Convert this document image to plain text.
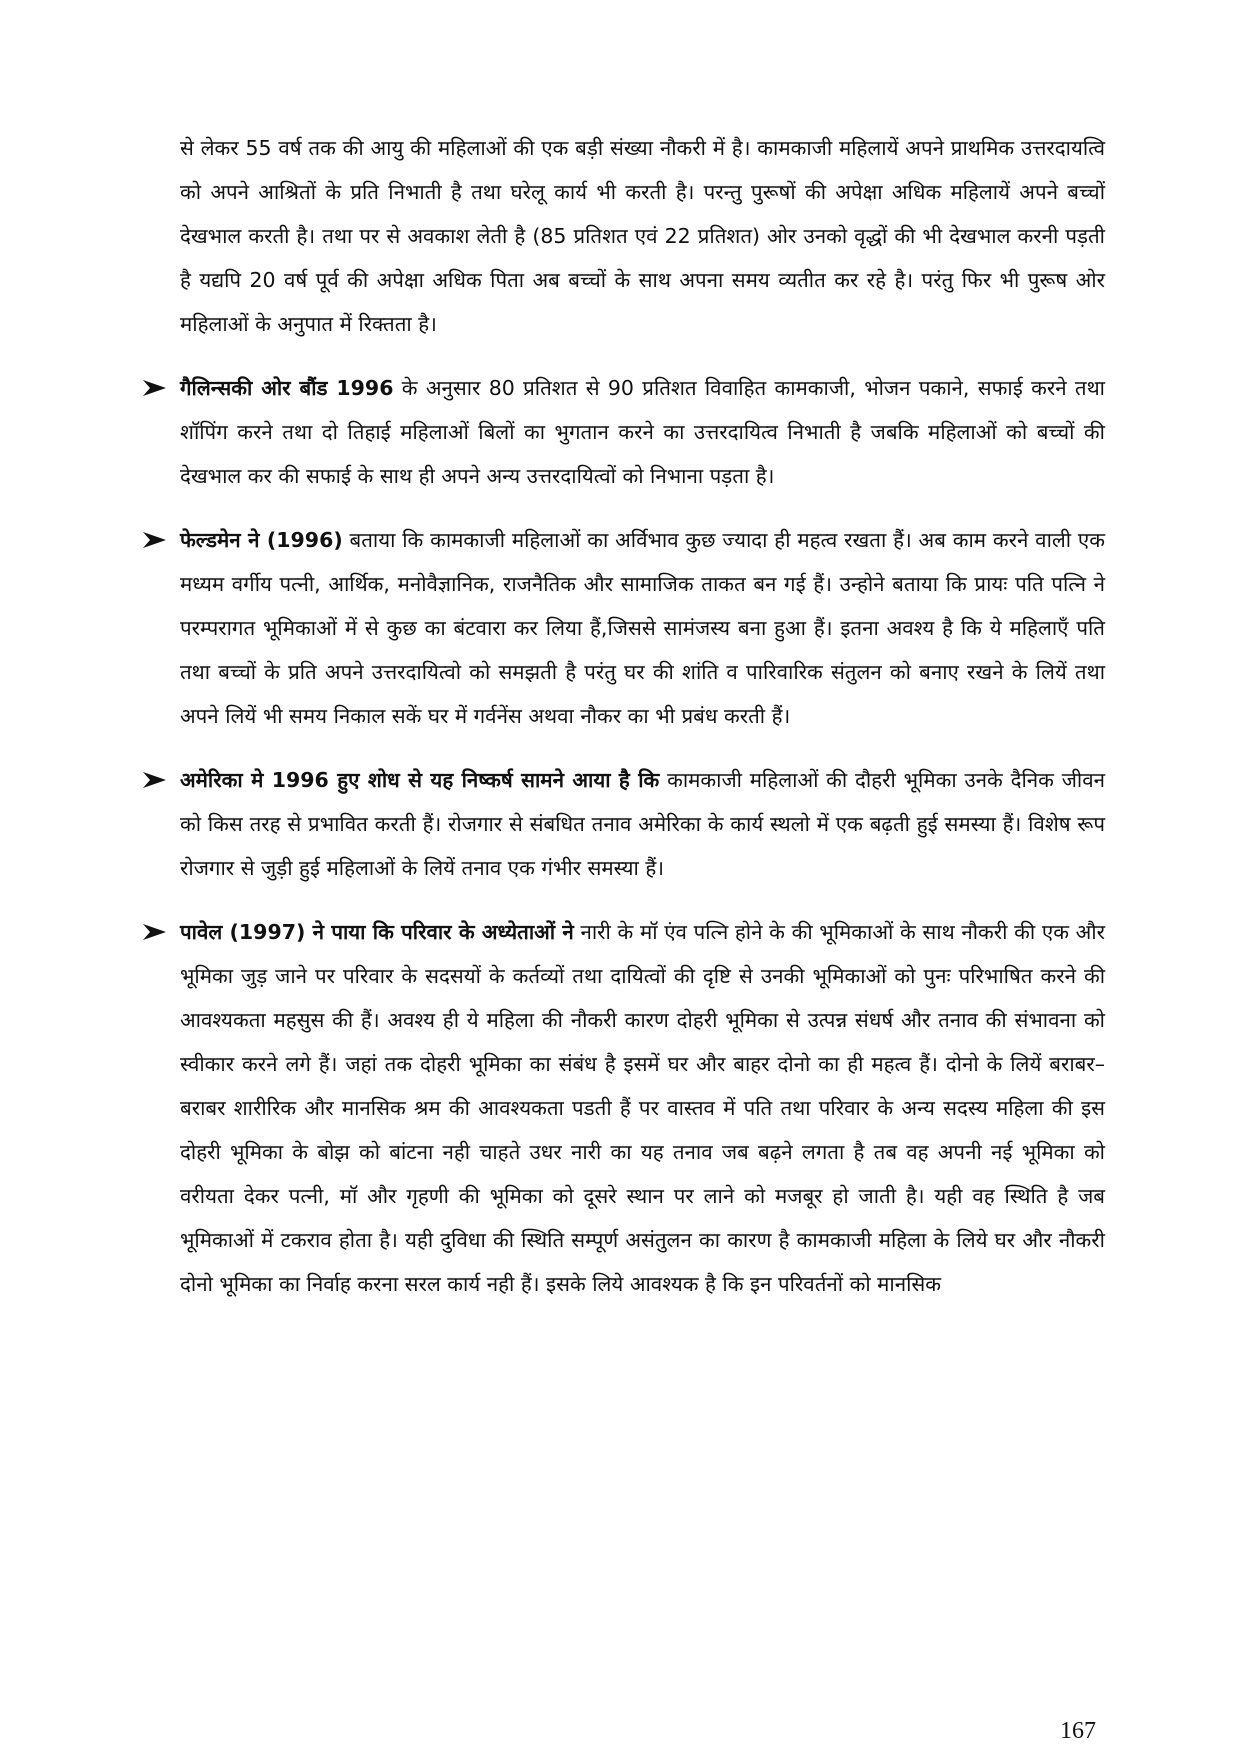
से लेकर 55 वर्ष तक की आयु की महिलाओं की एक बड़ी संख्या नौकरी में है। कामकाजी महिलायें अपने प्राथमिक उत्तरदायत्वि को अपने आश्रितों के प्रति निभाती है तथा घरेलू कार्य भी करती है। परन्तु पुरूषों की अपेक्षा अधिक महिलायें अपने बच्चों देखभाल करती है। तथा पर से अवकाश लेती है (85 प्रतिशत एवं 22 प्रतिशत) ओर उनको वृद्धों की भी देखभाल करनी पड़ती है यद्यपि 20 वर्ष पूर्व की अपेक्षा अधिक पिता अब बच्चों के साथ अपना समय व्यतीत कर रहे है। परंतु फिर भी पुरूष ओर महिलाओं के अनुपात में रिक्तता है।

गैलिन्सकी ओर बौंड 1996 के अनुसार 80 प्रतिशत से 90 प्रतिशत विवाहित कामकाजी, भोजन पकाने, सफाई करने तथा शॉपिंग करने तथा दो तिहाई महिलाओं बिलों का भुगतान करने का उत्तरदायित्व निभाती है जबकि महिलाओं को बच्चों की देखभाल कर की सफाई के साथ ही अपने अन्य उत्तरदायित्वों को निभाना पड़ता है।

फेल्डमेन ने (1996) बताया कि कामकाजी महिलाओं का अर्विभाव कुछ ज्यादा ही महत्व रखता हैं। अब काम करने वाली एक मध्यम वर्गीय पत्नी, आर्थिक, मनोवैज्ञानिक, राजनैतिक और सामाजिक ताकत बन गई हैं। उन्होने बताया कि प्रायः पति पत्नि ने परम्परागत भूमिकाओं में से कुछ का बंटवारा कर लिया हैं,जिससे सामंजस्य बना हुआ हैं। इतना अवश्य है कि ये महिलाएँ पति तथा बच्चों के प्रति अपने उत्तरदायित्वो को समझती है परंतु घर की शांति व पारिवारिक संतुलन को बनाए रखने के लियें तथा अपने लियें भी समय निकाल सकें घर में गर्वनेंस अथवा नौकर का भी प्रबंध करती हैं।

अमेरिका मे 1996 हुए शोध से यह निष्कर्ष सामने आया है कि कामकाजी महिलाओं की दौहरी भूमिका उनके दैनिक जीवन को किस तरह से प्रभावित करती हैं। रोजगार से संबधित तनाव अमेरिका के कार्य स्थलो में एक बढ़ती हुई समस्या हैं। विशेष रूप रोजगार से जुड़ी हुई महिलाओं के लियें तनाव एक गंभीर समस्या हैं।

पावेल (1997) ने पाया कि परिवार के अध्येताओं ने नारी के मॉ एंव पत्नि होने के की भूमिकाओं के साथ नौकरी की एक और भूमिका जुड़ जाने पर परिवार के सदसयों के कर्तव्यों तथा दायित्वों की दृष्टि से उनकी भूमिकाओं को पुनः परिभाषित करने की आवश्यकता महसुस की हैं। अवश्य ही ये महिला की नौकरी कारण दोहरी भूमिका से उत्पन्न संधर्ष और तनाव की संभावना को स्वीकार करने लगे हैं। जहां तक दोहरी भूमिका का संबंध है इसमें घर और बाहर दोनो का ही महत्व हैं। दोनो के लियें बराबर–बराबर शारीरिक और मानसिक श्रम की आवश्यकता पडती हैं पर वास्तव में पति तथा परिवार के अन्य सदस्य महिला की इस दोहरी भूमिका के बोझ को बांटना नही चाहते उधर नारी का यह तनाव जब बढ़ने लगता है तब वह अपनी नई भूमिका को वरीयता देकर पत्नी, मॉ और गृहणी की भूमिका को दूसरे स्थान पर लाने को मजबूर हो जाती है। यही वह स्थिति है जब भूमिकाओं में टकराव होता है। यही दुविधा की स्थिति सम्पूर्ण असंतुलन का कारण है कामकाजी महिला के लिये घर और नौकरी दोनो भूमिका का निर्वाह करना सरल कार्य नही हैं। इसके लिये आवश्यक है कि इन परिवर्तनों को मानसिक

167
